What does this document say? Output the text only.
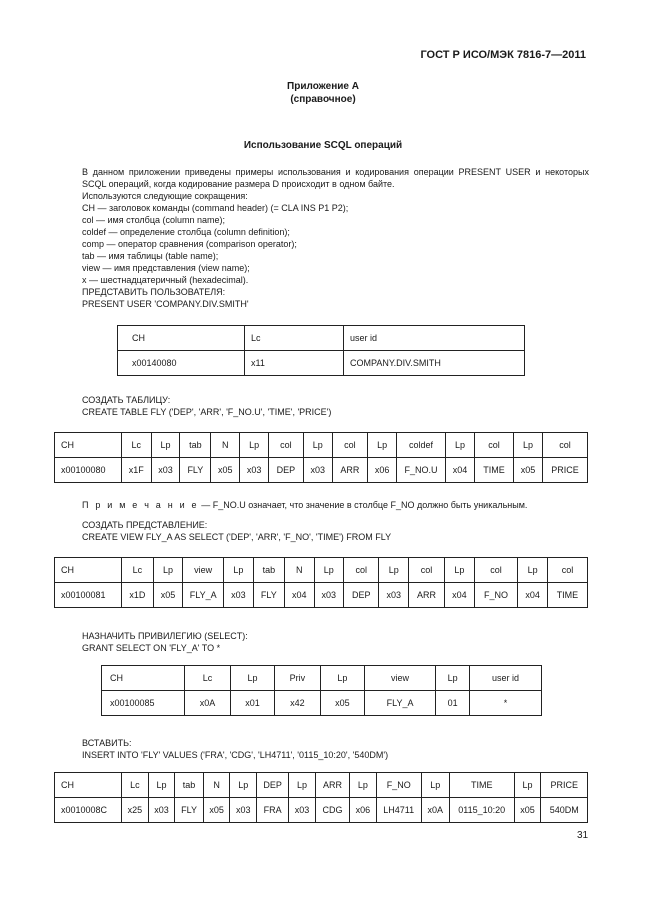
ГОСТ Р ИСО/МЭК 7816-7—2011
Приложение А
(справочное)
Использование SCQL операций
В данном приложении приведены примеры использования и кодирования операции PRESENT USER и некоторых SCQL операций, когда кодирование размера D происходит в одном байте.
Используются следующие сокращения:
CH — заголовок команды (command header) (= CLA INS P1 P2);
col — имя столбца (column name);
coldef — определение столбца (column definition);
comp — оператор сравнения (comparison operator);
tab — имя таблицы (table name);
view — имя представления (view name);
x — шестнадцатеричный (hexadecimal).
ПРЕДСТАВИТЬ ПОЛЬЗОВАТЕЛЯ:
PRESENT USER 'COMPANY.DIV.SMITH'
CH	Lc	user id
x00140080	x11	COMPANY.DIV.SMITH
СОЗДАТЬ ТАБЛИЦУ:
CREATE TABLE FLY ('DEP', 'ARR', 'F_NO.U', 'TIME', 'PRICE')
CH	Lc	Lp	tab	N	Lp	col	Lp	col	Lp	coldef	Lp	col	Lp	col
x00100080	x1F	x03	FLY	x05	x03	DEP	x03	ARR	x06	F_NO.U	x04	TIME	x05	PRICE
П р и м е ч а н и е — F_NO.U означает, что значение в столбце F_NO должно быть уникальным.
СОЗДАТЬ ПРЕДСТАВЛЕНИЕ:
CREATE VIEW FLY_A AS SELECT ('DEP', 'ARR', 'F_NO', 'TIME') FROM FLY
CH	Lc	Lp	view	Lp	tab	N	Lp	col	Lp	col	Lp	col	Lp	col
x00100081	x1D	x05	FLY_A	x03	FLY	x04	x03	DEP	x03	ARR	x04	F_NO	x04	TIME
НАЗНАЧИТЬ ПРИВИЛЕГИЮ (SELECT):
GRANT SELECT ON 'FLY_A' TO *
CH	Lc	Lp	Priv	Lp	view	Lp	user id
x00100085	x0A	x01	x42	x05	FLY_A	01	*
ВСТАВИТЬ:
INSERT INTO 'FLY' VALUES ('FRA', 'CDG', 'LH4711', '0115_10:20', '540DM')
CH	Lc	Lp	tab	N	Lp	DEP	Lp	ARR	Lp	F_NO	Lp	TIME	Lp	PRICE
x0010008C	x25	x03	FLY	x05	x03	FRA	x03	CDG	x06	LH4711	x0A	0115_10:20	x05	540DM
31
